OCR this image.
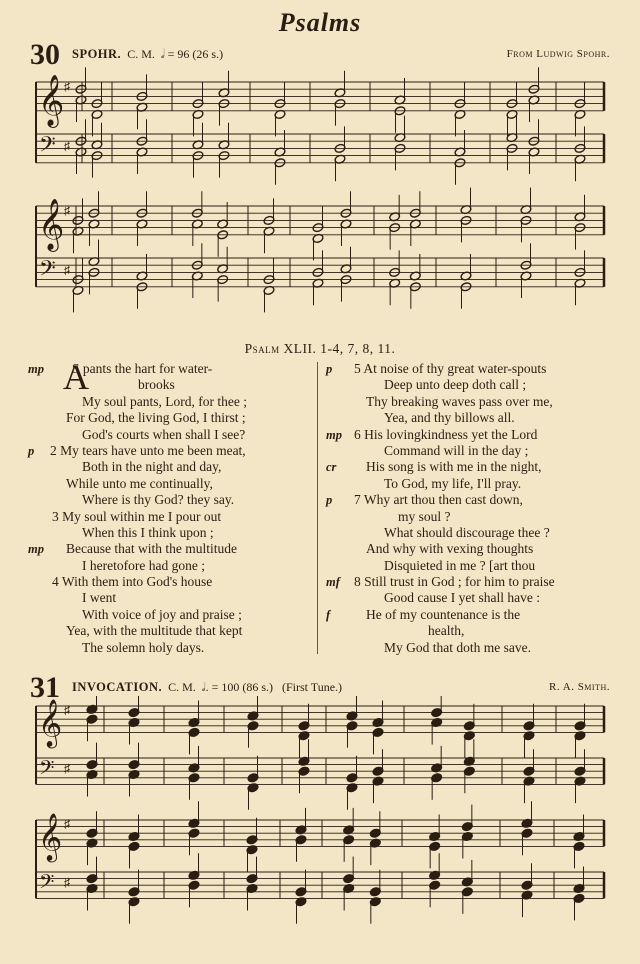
Psalms
30 SPOHR. C. M. 𝅗𝅥 = 96 (26 s.)	From Ludwig Spohr.
𝄞
𝄢
♯
♯
𝄞
𝄢
♯
♯
Psalm XLII. 1-4, 7, 8, 11.
mp A
S pants the hart for water-
brooks
My soul pants, Lord, for thee ;
For God, the living God, I thirst ;
God's courts when shall I see?
p 2 My tears have unto me been meat,
Both in the night and day,
While unto me continually,
Where is thy God? they say.
3 My soul within me I pour out
When this I think upon ;
mp Because that with the multitude
I heretofore had gone ;
4 With them into God's house
I went
With voice of joy and praise ;
Yea, with the multitude that kept
The solemn holy days.
p 5 At noise of thy great water-spouts
Deep unto deep doth call ;
Thy breaking waves pass over me,
Yea, and thy billows all.
mp 6 His lovingkindness yet the Lord
Command will in the day ;
cr His song is with me in the night,
To God, my life, I'll pray.
p 7 Why art thou then cast down,
my soul ?
What should discourage thee ?
And why with vexing thoughts
Disquieted in me ? [art thou
mf 8 Still trust in God ; for him to praise
Good cause I yet shall have :
f	He of my countenance is the
health,
My God that doth me save.
31 INVOCATION. C. M. 𝅗𝅥. = 100 (86 s.) (First Tune.)	R. A. Smith.
𝄞
𝄢
♯
♯
𝄞
𝄢
♯
♯
